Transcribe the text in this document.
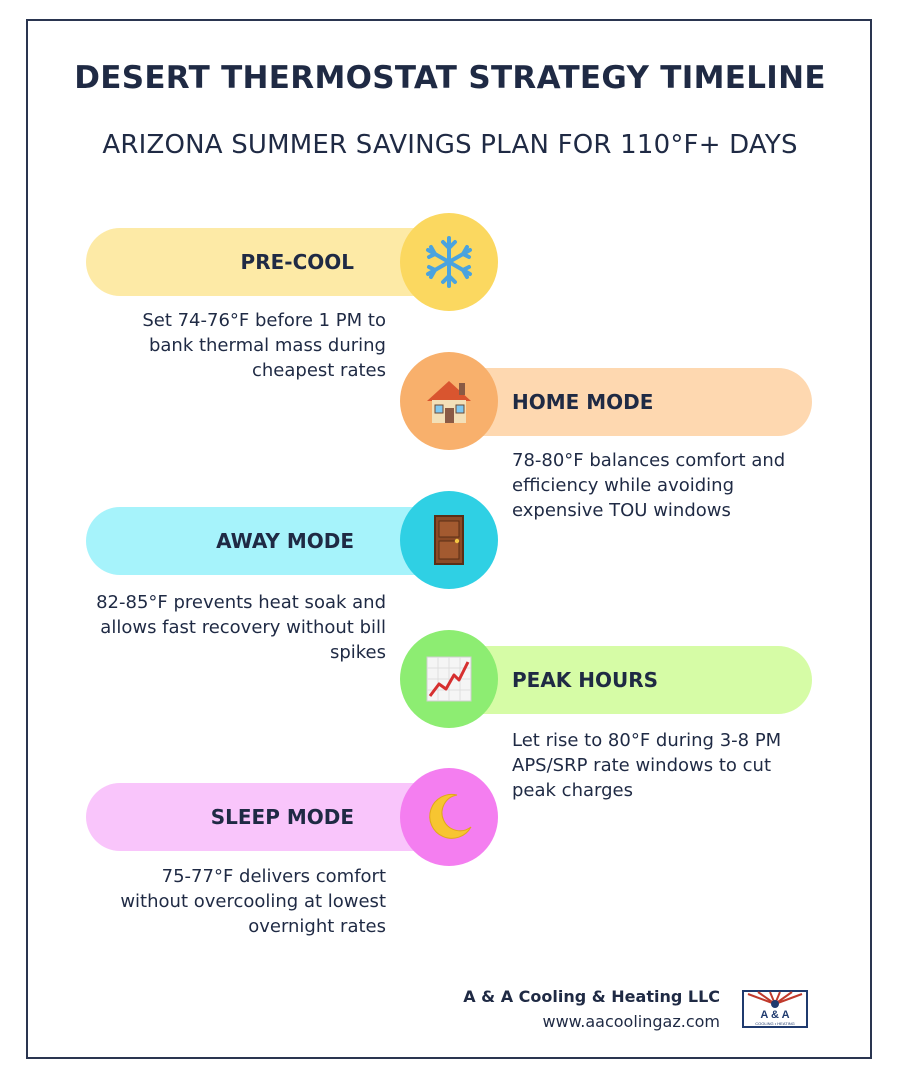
DESERT THERMOSTAT STRATEGY TIMELINE
ARIZONA SUMMER SAVINGS PLAN FOR 110°F+ DAYS
PRE-COOL
Set 74-76°F before 1 PM to bank thermal mass during cheapest rates
HOME MODE
78-80°F balances comfort and efficiency while avoiding expensive TOU windows
AWAY MODE
82-85°F prevents heat soak and allows fast recovery without bill spikes
PEAK HOURS
Let rise to 80°F during 3-8 PM APS/SRP rate windows to cut peak charges
SLEEP MODE
75-77°F delivers comfort without overcooling at lowest overnight rates
A & A Cooling & Heating LLC
www.aacoolingaz.com	A & A
COOLING • HEATING
